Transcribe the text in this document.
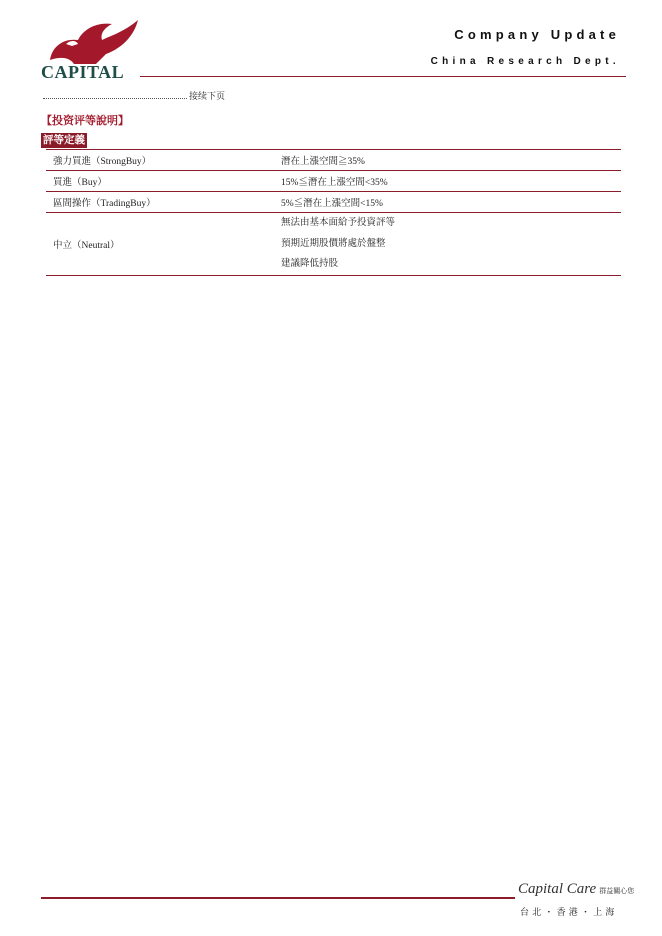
CAPITAL
Company Update
China Research Dept.
接续下页
【投资评等說明】
評等定義
強力買進（StrongBuy）	潛在上漲空間≧35%
買進（Buy）	15%≦潛在上漲空間<35%
區間操作（TradingBuy）	5%≦潛在上漲空間<15%
中立（Neutral）	無法由基本面給予投資評等
預期近期股價將處於盤整
建議降低持股
Capital Care 群益關心您
台北・香港・上海
